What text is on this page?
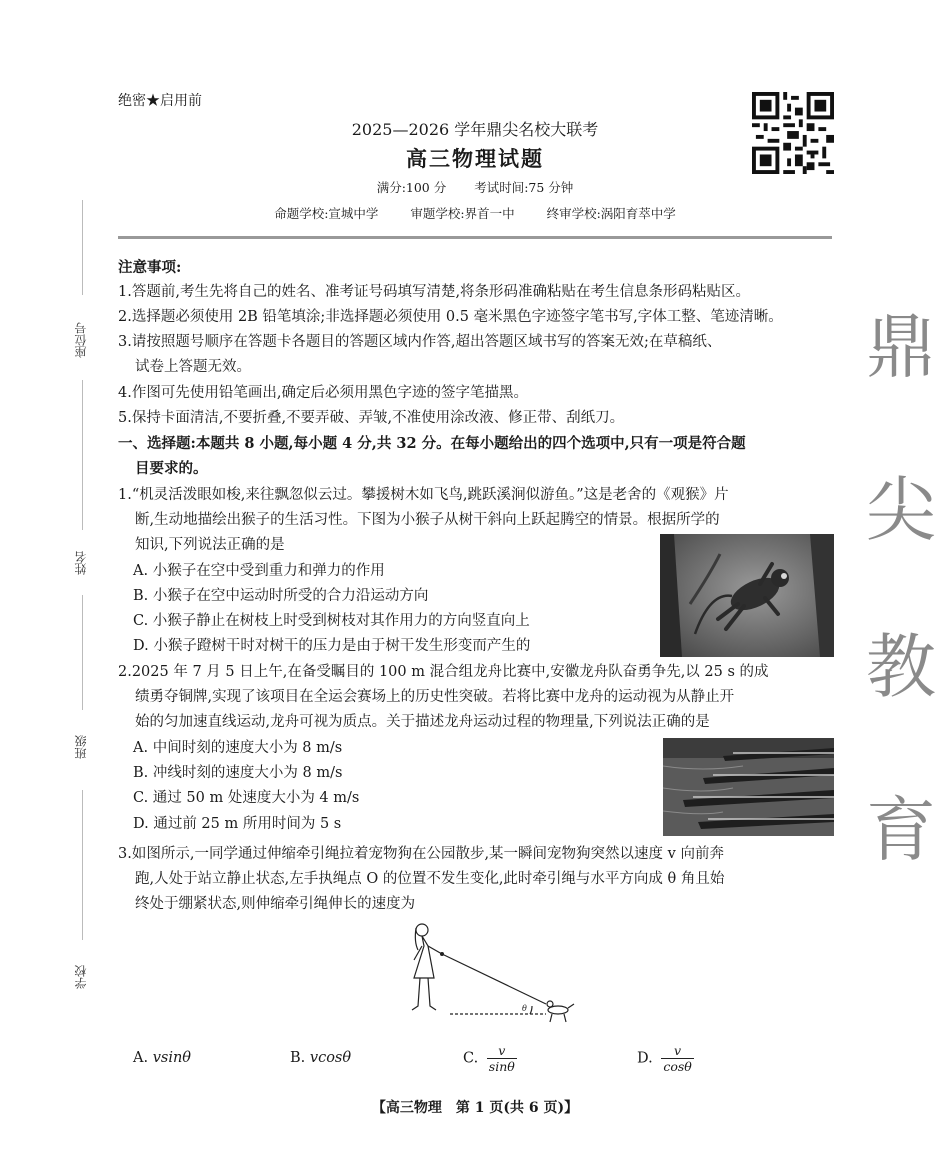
绝密★启用前
2025—2026 学年鼎尖名校大联考
高三物理试题
满分:100 分 考试时间:75 分钟
命题学校:宣城中学	审题学校:界首一中	终审学校:涡阳育萃中学
座位号
姓名
班级
学校
鼎
尖
教
育
注意事项:
1.答题前,考生先将自己的姓名、准考证号码填写清楚,将条形码准确粘贴在考生信息条形码粘贴区。
2.选择题必须使用 2B 铅笔填涂;非选择题必须使用 0.5 毫米黑色字迹签字笔书写,字体工整、笔迹清晰。
3.请按照题号顺序在答题卡各题目的答题区域内作答,超出答题区域书写的答案无效;在草稿纸、
试卷上答题无效。
4.作图可先使用铅笔画出,确定后必须用黑色字迹的签字笔描黑。
5.保持卡面清洁,不要折叠,不要弄破、弄皱,不准使用涂改液、修正带、刮纸刀。
一、选择题:本题共 8 小题,每小题 4 分,共 32 分。在每小题给出的四个选项中,只有一项是符合题
目要求的。
1.“机灵活泼眼如梭,来往飘忽似云过。攀援树木如飞鸟,跳跃溪涧似游鱼。”这是老舍的《观猴》片
断,生动地描绘出猴子的生活习性。下图为小猴子从树干斜向上跃起腾空的情景。根据所学的
知识,下列说法正确的是
A. 小猴子在空中受到重力和弹力的作用
B. 小猴子在空中运动时所受的合力沿运动方向
C. 小猴子静止在树枝上时受到树枝对其作用力的方向竖直向上
D. 小猴子蹬树干时对树干的压力是由于树干发生形变而产生的
2.2025 年 7 月 5 日上午,在备受瞩目的 100 m 混合组龙舟比赛中,安徽龙舟队奋勇争先,以 25 s 的成
绩勇夺铜牌,实现了该项目在全运会赛场上的历史性突破。若将比赛中龙舟的运动视为从静止开
始的匀加速直线运动,龙舟可视为质点。关于描述龙舟运动过程的物理量,下列说法正确的是
A. 中间时刻的速度大小为 8 m/s
B. 冲线时刻的速度大小为 8 m/s
C. 通过 50 m 处速度大小为 4 m/s
D. 通过前 25 m 所用时间为 5 s
3.如图所示,一同学通过伸缩牵引绳拉着宠物狗在公园散步,某一瞬间宠物狗突然以速度 v 向前奔
跑,人处于站立静止状态,左手执绳点 O 的位置不发生变化,此时牵引绳与水平方向成 θ 角且始
终处于绷紧状态,则伸缩牵引绳伸长的速度为
θ
A. vsinθ	B. vcosθ	C. $\frac{v}{\sin\theta}$	D. $\frac{v}{\cos\theta}$
【高三物理　第 1 页(共 6 页)】
